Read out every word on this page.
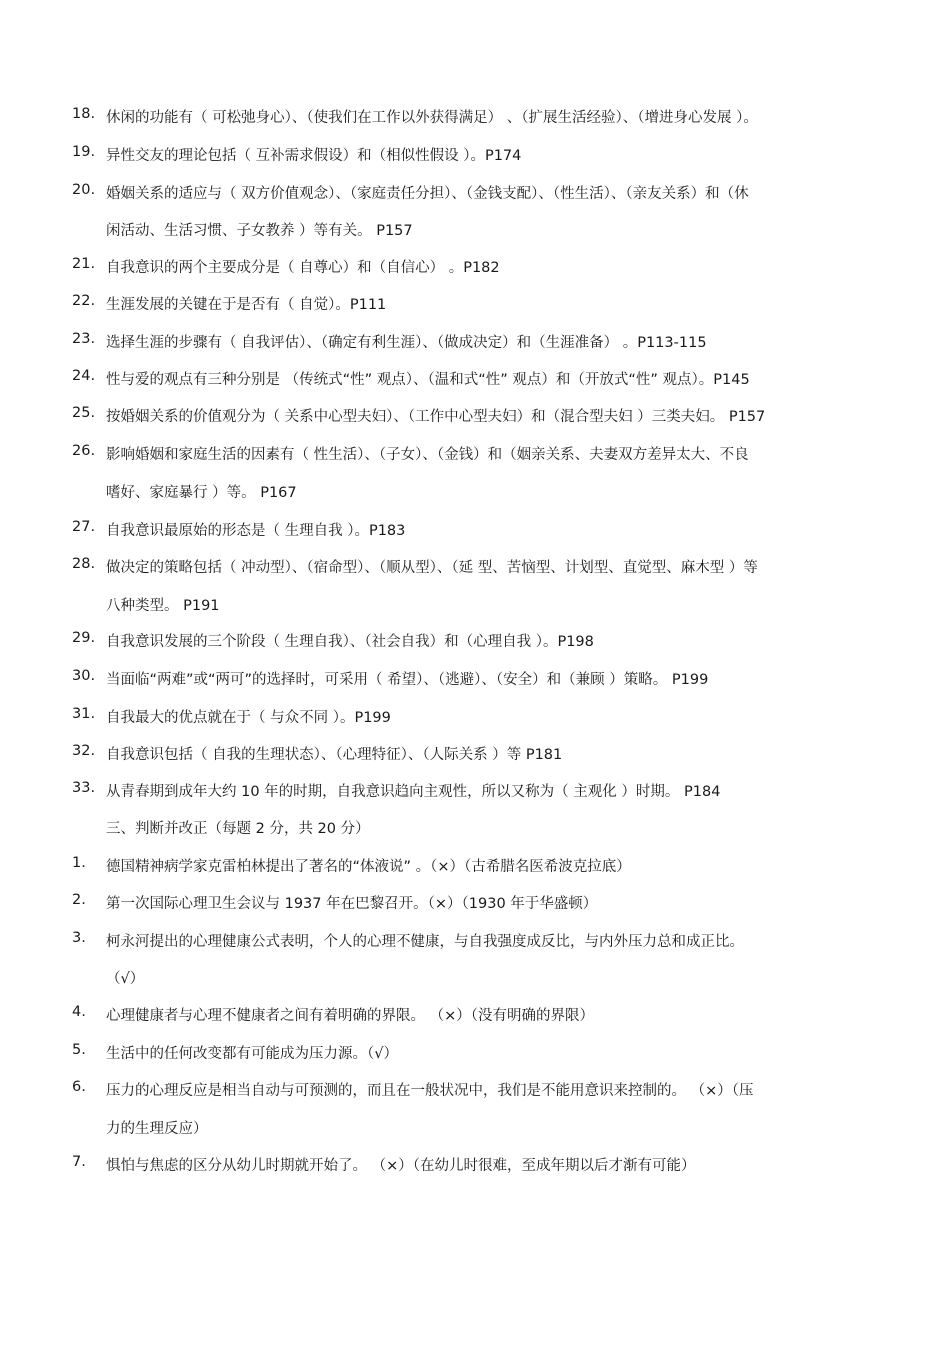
18. 休闲的功能有（ 可松弛身心）、（使我们在工作以外获得满足） 、（扩展生活经验）、（增进身心发展 ）。
19. 异性交友的理论包括（ 互补需求假设）和（相似性假设 ）。P174
20. 婚姻关系的适应与（ 双方价值观念）、（家庭责任分担）、（金钱支配）、（性生活）、（亲友关系）和（休
闲活动、生活习惯、子女教养 ）等有关。 P157
21. 自我意识的两个主要成分是（ 自尊心）和（自信心） 。P182
22. 生涯发展的关键在于是否有（ 自觉）。P111
23. 选择生涯的步骤有（ 自我评估）、（确定有利生涯）、（做成决定）和（生涯准备） 。P113-115
24. 性与爱的观点有三种分别是 （传统式“性” 观点）、（温和式“性” 观点）和（开放式“性” 观点）。P145
25. 按婚姻关系的价值观分为（ 关系中心型夫妇）、（工作中心型夫妇）和（混合型夫妇 ）三类夫妇。 P157
26. 影响婚姻和家庭生活的因素有（ 性生活）、（子女）、（金钱）和（姻亲关系、夫妻双方差异太大、不良
嗜好、家庭暴行 ）等。 P167
27. 自我意识最原始的形态是（ 生理自我 ）。P183
28. 做决定的策略包括（ 冲动型）、（宿命型）、（顺从型）、（延 型、苦恼型、计划型、直觉型、麻木型 ）等
八种类型。 P191
29. 自我意识发展的三个阶段（ 生理自我）、（社会自我）和（心理自我 ）。P198
30. 当面临“两难”或“两可”的选择时，可采用（ 希望）、（逃避）、（安全）和（兼顾 ）策略。 P199
31. 自我最大的优点就在于（ 与众不同 ）。P199
32. 自我意识包括（ 自我的生理状态）、（心理特征）、（人际关系 ）等 P181
33. 从青春期到成年大约 10 年的时期，自我意识趋向主观性，所以又称为（ 主观化 ）时期。 P184
三、判断并改正（每题 2 分，共 20 分）
1.	德国精神病学家克雷柏林提出了著名的“体液说” 。（×）（古希腊名医希波克拉底）
2.	第一次国际心理卫生会议与 1937 年在巴黎召开。（×）（1930 年于华盛顿）
3.	柯永河提出的心理健康公式表明，个人的心理不健康，与自我强度成反比，与内外压力总和成正比。
（√）
4.	心理健康者与心理不健康者之间有着明确的界限。 （×）（没有明确的界限）
5.	生活中的任何改变都有可能成为压力源。（√）
6.	压力的心理反应是相当自动与可预测的，而且在一般状况中，我们是不能用意识来控制的。 （×）（压
力的生理反应）
7.	惧怕与焦虑的区分从幼儿时期就开始了。 （×）（在幼儿时很难，至成年期以后才渐有可能）
